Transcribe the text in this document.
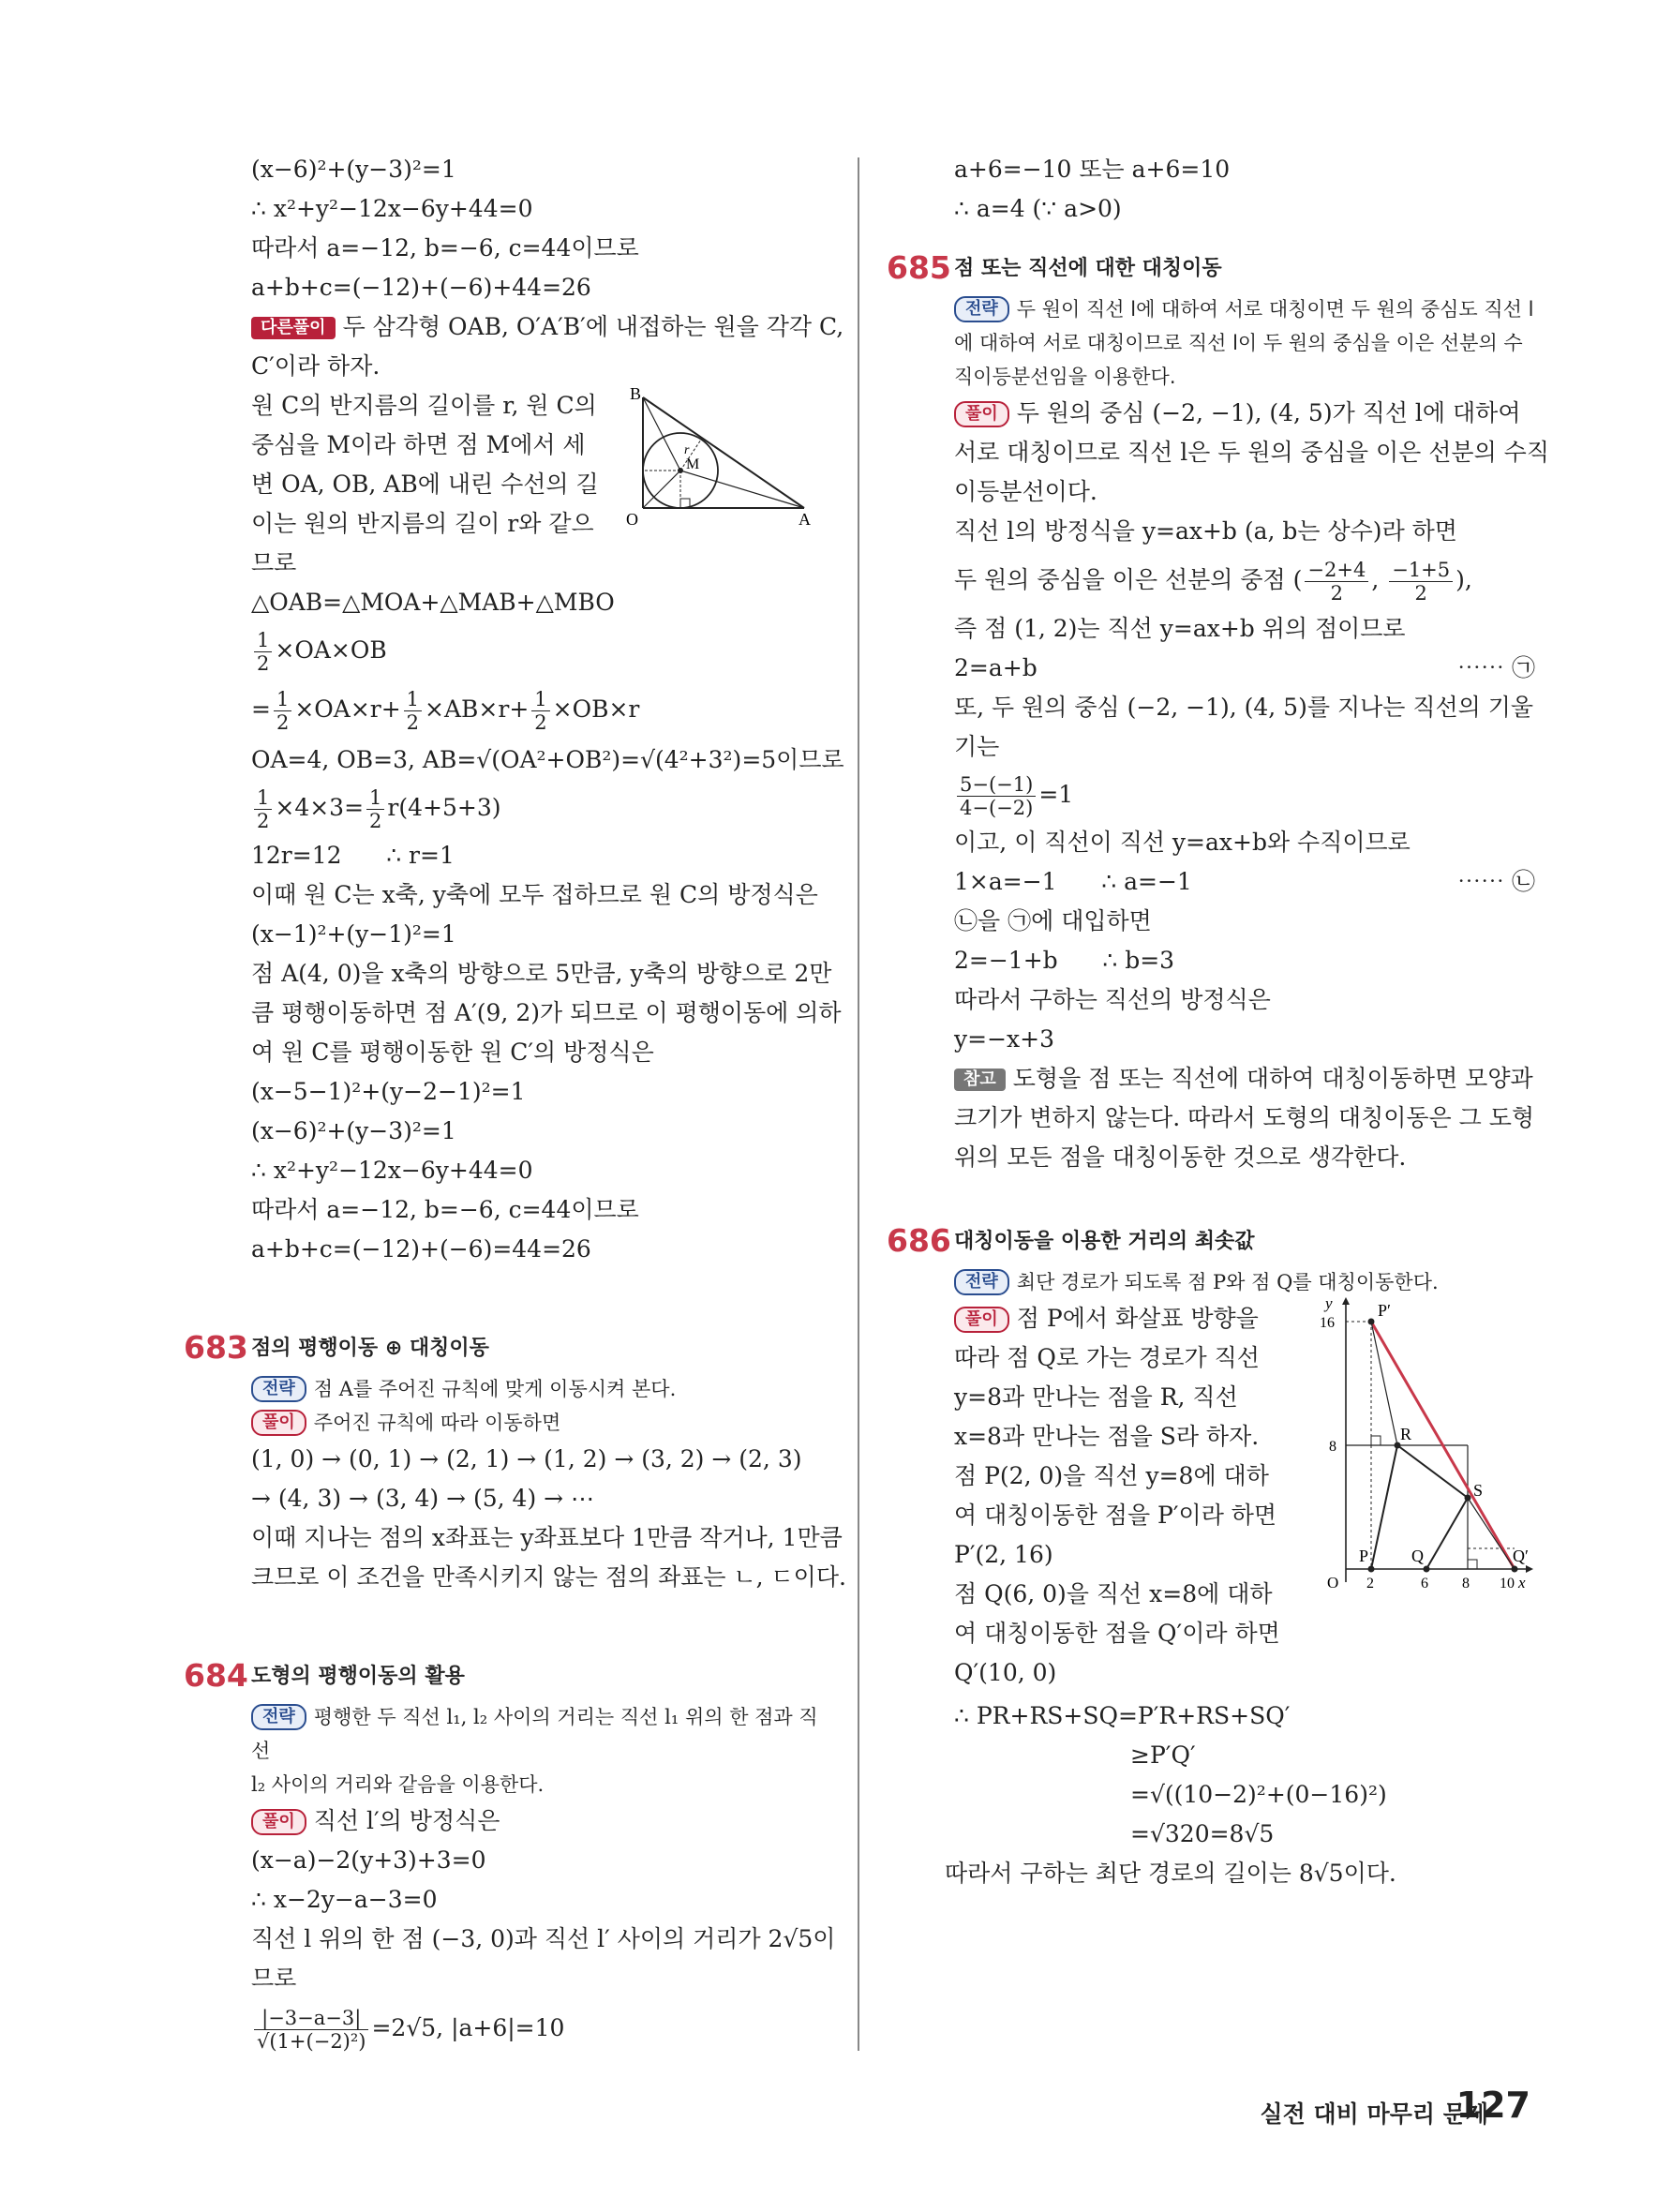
(x−6)²+(y−3)²=1
∴ x²+y²−12x−6y+44=0
따라서 a=−12, b=−6, c=44이므로
a+b+c=(−12)+(−6)+44=26
다른풀이 두 삼각형 OAB, O′A′B′에 내접하는 원을 각각 C,
C′이라 하자.
원 C의 반지름의 길이를 r, 원 C의
중심을 M이라 하면 점 M에서 세
변 OA, OB, AB에 내린 수선의 길
이는 원의 반지름의 길이 r와 같으
므로
B
O	A
M
r
△OAB=△MOA+△MAB+△MBO
$\frac{1}{2} \times OA\times OB$
= $\frac{1}{2} \times OA\times r+ \frac{1}{2} \times AB\times r+ \frac{1}{2} \times OB\times r$
OA=4, OB=3, AB=√(OA²+OB²)=√(4²+3²)=5이므로
$\frac{1}{2} \times 4\times 3= \frac{1}{2} r(4+5+3)$
12r=12      ∴ r=1
이때 원 C는 x축, y축에 모두 접하므로 원 C의 방정식은
(x−1)²+(y−1)²=1
점 A(4, 0)을 x축의 방향으로 5만큼, y축의 방향으로 2만
큼 평행이동하면 점 A′(9, 2)가 되므로 이 평행이동에 의하
여 원 C를 평행이동한 원 C′의 방정식은
(x−5−1)²+(y−2−1)²=1
(x−6)²+(y−3)²=1
∴ x²+y²−12x−6y+44=0
따라서 a=−12, b=−6, c=44이므로
a+b+c=(−12)+(−6)=44=26
683 점의 평행이동 ⊕ 대칭이동
전략 점 A를 주어진 규칙에 맞게 이동시켜 본다.
풀이 주어진 규칙에 따라 이동하면
(1, 0) → (0, 1) → (2, 1) → (1, 2) → (3, 2) → (2, 3)
→ (4, 3) → (3, 4) → (5, 4) → ⋯
이때 지나는 점의 x좌표는 y좌표보다 1만큼 작거나, 1만큼
크므로 이 조건을 만족시키지 않는 점의 좌표는 ㄴ, ㄷ이다.
684 도형의 평행이동의 활용
전략 평행한 두 직선 l₁, l₂ 사이의 거리는 직선 l₁ 위의 한 점과 직선
l₂ 사이의 거리와 같음을 이용한다.
풀이 직선 l′의 방정식은
(x−a)−2(y+3)+3=0
∴ x−2y−a−3=0
직선 l 위의 한 점 (−3, 0)과 직선 l′ 사이의 거리가 2√5이
므로
$\frac{|-3-a-3|}{\text{√(1+(−2)²)}} =2√5$, |a+6|=10
a+6=−10 또는 a+6=10
∴ a=4 (∵ a>0)
685 점 또는 직선에 대한 대칭이동
전략 두 원이 직선 l에 대하여 서로 대칭이면 두 원의 중심도 직선 l에 대하여 서로 대칭이므로 직선 l이 두 원의 중심을 이은 선분의 수직이등분선임을 이용한다.
풀이 두 원의 중심 (−2, −1), (4, 5)가 직선 l에 대하여
서로 대칭이므로 직선 l은 두 원의 중심을 이은 선분의 수직
이등분선이다.
직선 l의 방정식을 y=ax+b (a, b는 상수)라 하면
두 원의 중심을 이은 선분의 중점 ( $\frac{-2+4}{2}$ , $\frac{-1+5}{2}$ ),
즉 점 (1, 2)는 직선 y=ax+b 위의 점이므로
2=a+b	⋯⋯ ㉠
또, 두 원의 중심 (−2, −1), (4, 5)를 지나는 직선의 기울
기는
$\frac{5-(-1)}{4-(-2)} =1$
이고, 이 직선이 직선 y=ax+b와 수직이므로
1×a=−1      ∴ a=−1	⋯⋯ ㉡
㉡을 ㉠에 대입하면
2=−1+b      ∴ b=3
따라서 구하는 직선의 방정식은
y=−x+3
참고 도형을 점 또는 직선에 대하여 대칭이동하면 모양과
크기가 변하지 않는다. 따라서 도형의 대칭이동은 그 도형
위의 모든 점을 대칭이동한 것으로 생각한다.
686 대칭이동을 이용한 거리의 최솟값
전략 최단 경로가 되도록 점 P와 점 Q를 대칭이동한다.
풀이 점 P에서 화살표 방향을
따라 점 Q로 가는 경로가 직선
y=8과 만나는 점을 R, 직선
x=8과 만나는 점을 S라 하자.
점 P(2, 0)을 직선 y=8에 대하
여 대칭이동한 점을 P′이라 하면
P′(2, 16)
점 Q(6, 0)을 직선 x=8에 대하
여 대칭이동한 점을 Q′이라 하면
Q′(10, 0)
y
x
O
16
8
2	6 8 10
P
P′
Q	Q′
R
S
∴ PR+RS+SQ=P′R+RS+SQ′
≥P′Q′
=√((10−2)²+(0−16)²)
=√320=8√5
따라서 구하는 최단 경로의 길이는 8√5이다.
실전 대비 마무리 문제
127
